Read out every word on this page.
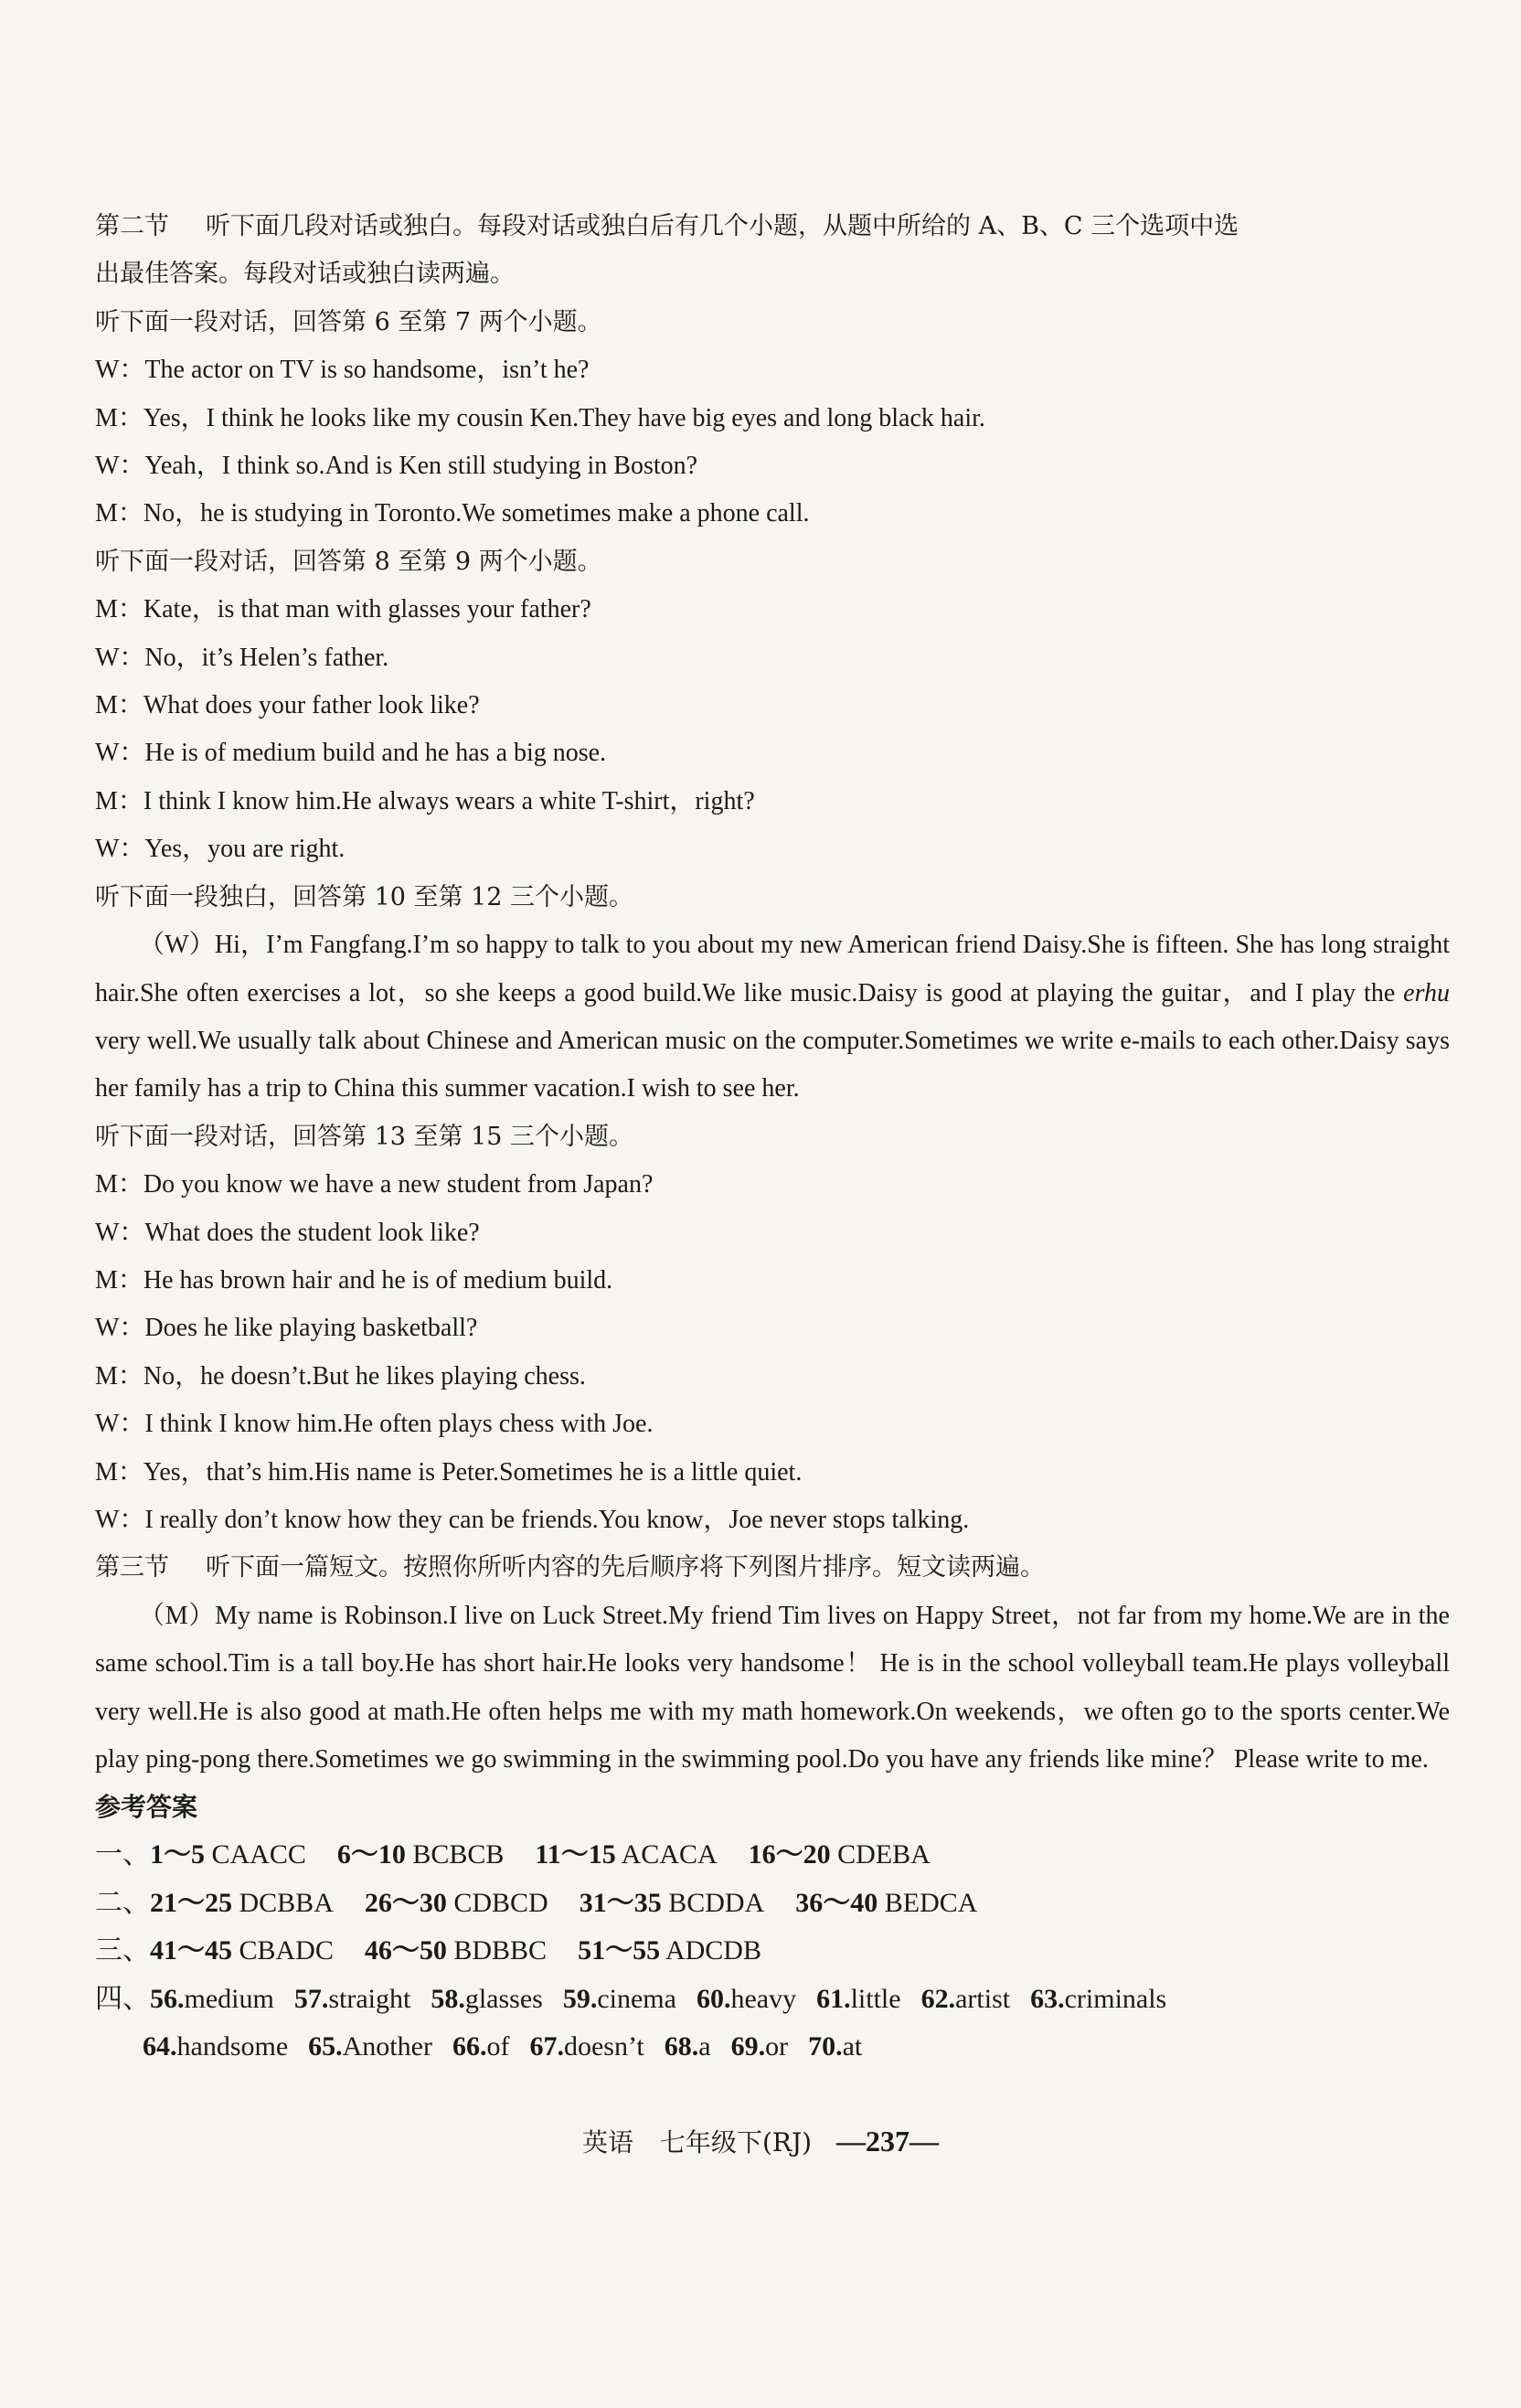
第二节 听下面几段对话或独白。每段对话或独白后有几个小题，从题中所给的 A、B、C 三个选项中选
出最佳答案。每段对话或独白读两遍。
听下面一段对话，回答第 6 至第 7 两个小题。
W：The actor on TV is so handsome，isn’t he?
M：Yes，I think he looks like my cousin Ken.They have big eyes and long black hair.
W：Yeah，I think so.And is Ken still studying in Boston?
M：No，he is studying in Toronto.We sometimes make a phone call.
听下面一段对话，回答第 8 至第 9 两个小题。
M：Kate，is that man with glasses your father?
W：No，it’s Helen’s father.
M：What does your father look like?
W：He is of medium build and he has a big nose.
M：I think I know him.He always wears a white T-shirt，right?
W：Yes，you are right.
听下面一段独白，回答第 10 至第 12 三个小题。
（W）Hi，I’m Fangfang.I’m so happy to talk to you about my new American friend Daisy.She is fifteen. She has long straight hair.She often exercises a lot，so she keeps a good build.We like music.Daisy is good at playing the guitar，and I play the erhu very well.We usually talk about Chinese and American music on the computer.Sometimes we write e-mails to each other.Daisy says her family has a trip to China this summer vacation.I wish to see her.
听下面一段对话，回答第 13 至第 15 三个小题。
M：Do you know we have a new student from Japan?
W：What does the student look like?
M：He has brown hair and he is of medium build.
W：Does he like playing basketball?
M：No，he doesn’t.But he likes playing chess.
W：I think I know him.He often plays chess with Joe.
M：Yes，that’s him.His name is Peter.Sometimes he is a little quiet.
W：I really don’t know how they can be friends.You know，Joe never stops talking.
第三节 听下面一篇短文。按照你所听内容的先后顺序将下列图片排序。短文读两遍。
（M）My name is Robinson.I live on Luck Street.My friend Tim lives on Happy Street，not far from my home.We are in the same school.Tim is a tall boy.He has short hair.He looks very handsome！ He is in the school volleyball team.He plays volleyball very well.He is also good at math.He often helps me with my math homework.On weekends，we often go to the sports center.We play ping-pong there.Sometimes we go swimming in the swimming pool.Do you have any friends like mine？ Please write to me.
参考答案
一、1～5 CAACC 6～10 BCBCB 11～15 ACACA 16～20 CDEBA
二、21～25 DCBBA 26～30 CDBCD 31～35 BCDDA 36～40 BEDCA
三、41～45 CBADC 46～50 BDBBC 51～55 ADCDB
四、56.medium 57.straight 58.glasses 59.cinema 60.heavy 61.little 62.artist 63.criminals
64.handsome 65.Another 66.of 67.doesn’t 68.a 69.or 70.at
英语 七年级下(RJ) —237—
